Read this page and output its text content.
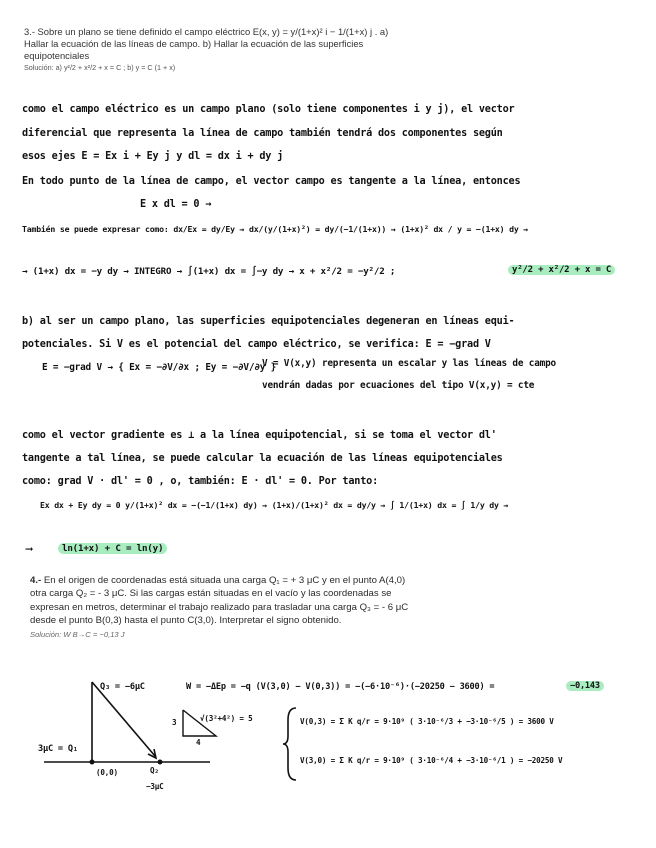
3.- Sobre un plano se tiene definido el campo eléctrico E(x, y) = y/(1+x)² i − 1/(1+x) j . a)
Hallar la ecuación de las líneas de campo. b) Hallar la ecuación de las superficies
equipotenciales
Solución: a) y²/2 + x²/2 + x = C ; b) y = C (1 + x)
como el campo eléctrico es un campo plano (solo tiene componentes i y j), el vector
diferencial que representa la línea de campo también tendrá dos componentes según
esos ejes E = Ex i + Ey j y dl = dx i + dy j
En todo punto de la línea de campo, el vector campo es tangente a la línea, entonces
E x dl = 0 →
También se puede expresar como: dx/Ex = dy/Ey → dx/(y/(1+x)²) = dy/(−1/(1+x)) → (1+x)² dx / y = −(1+x) dy →
→ (1+x) dx = −y dy → INTEGRO → ∫(1+x) dx = ∫−y dy → x + x²/2 = −y²/2 ;	y²/2 + x²/2 + x = C
b) al ser un campo plano, las superficies equipotenciales degeneran en líneas equi-
potenciales. Si V es el potencial del campo eléctrico, se verifica: E = −grad V
E = −grad V → { Ex = −∂V/∂x ; Ey = −∂V/∂y }
V = V(x,y) representa un escalar y las líneas de campo
vendrán dadas por ecuaciones del tipo V(x,y) = cte
como el vector gradiente es ⊥ a la línea equipotencial, si se toma el vector dl'
tangente a tal línea, se puede calcular la ecuación de las líneas equipotenciales
como: grad V · dl' = 0 , o, también: E · dl' = 0. Por tanto:
Ex dx + Ey dy = 0 y/(1+x)² dx = −(−1/(1+x) dy) → (1+x)/(1+x)² dx = dy/y → ∫ 1/(1+x) dx = ∫ 1/y dy →
⟶	ln(1+x) + C = ln(y)
4.- En el origen de coordenadas está situada una carga Q₁ = + 3 μC y en el punto A(4,0)
otra carga Q₂ = - 3 μC. Si las cargas están situadas en el vacío y las coordenadas se
expresan en metros, determinar el trabajo realizado para trasladar una carga Q₃ = - 6 μC
desde el punto B(0,3) hasta el punto C(3,0). Interpretar el signo obtenido.
Solución: W B→C = −0,13 J
Q₃ = −6μC	W = −ΔEp = −q (V(3,0) − V(0,3)) = −(−6·10⁻⁶)·(−20250 − 3600) =	−0,143
3μC = Q₁
(0,0)	Q₂
−3μC
3
4
√(3²+4²) = 5	V(0,3) = Σ K q/r = 9·10⁹ ( 3·10⁻⁶/3 + −3·10⁻⁶/5 ) = 3600 V
V(3,0) = Σ K q/r = 9·10⁹ ( 3·10⁻⁶/4 + −3·10⁻⁶/1 ) = −20250 V
